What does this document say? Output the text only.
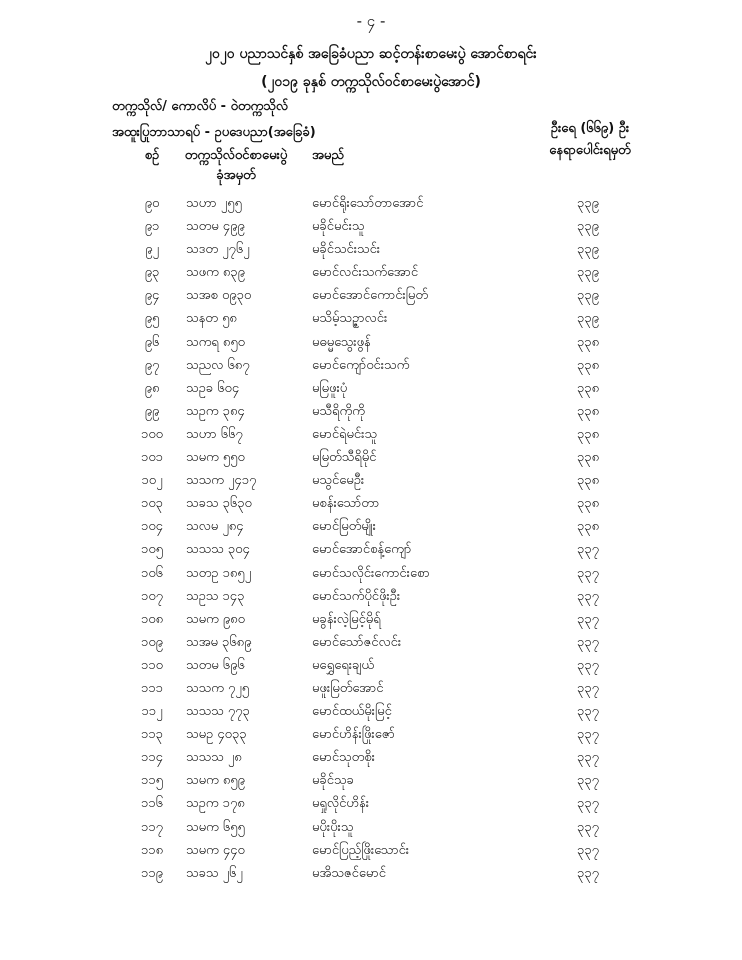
- ၄ -
၂၀၂၀ ပညာသင်နှစ် အခြေခံပညာ ဆင့်တန်းစာမေးပွဲ အောင်စာရင်း
(၂၀၁၉ ခုနှစ် တက္ကသိုလ်ဝင်စာမေးပွဲအောင်)
တက္ကသိုလ်/ ကောလိပ် - ဝဲတက္ကသိုလ်
အထူးပြုဘာသာရပ် - ဥပဒေပညာ(အခြေခံ)	ဦးရေ (၆၆၉) ဦး
နေရာပေါင်းရမှတ်
စဉ်	တက္ကသိုလ်ဝင်စာမေးပွဲ
ခုံအမှတ်
အမည်
၉၀	သဟာ ၂၅၅	မောင်ရိုးသော်တာအောင်	၃၃၉
၉၁	သတမ ၄၉၉	မခိုင်မင်းသူ	၃၃၉
၉၂	သဒတ ၂၇၆၂	မခိုင်သင်းသင်း	၃၃၉
၉၃	သဖက ၈၃၉	မောင်လင်းသက်အောင်	၃၃၉
၉၄	သအစ ၀၉၃၀	မောင်အောင်ကောင်းမြတ်	၃၃၉
၉၅	သနတ ၅၈	မသိမ့်သဉ္ဇာလင်း	၃၃၉
၉၆	သကရ ၈၅၀	မဓမ္မသွေးဖွန်	၃၃၈
၉၇	သညလ ၆၈၇	မောင်ကျော်ဝင်းသက်	၃၃၈
၉၈	သဥခ ၆၀၄	မမြဖူးပုံ	၃၃၈
၉၉	သဥက ၃၈၄	မသီရိကိုကို	၃၃၈
၁၀၀	သဟာ ၆၆၇	မောင်ရဲမင်းသူ	၃၃၈
၁၀၁	သမက ၅၅၀	မမြတ်သီရိမိုင်	၃၃၈
၁၀၂	သသက ၂၄၁၇	မသွင်မေဦး	၃၃၈
၁၀၃	သခသ ၃၆၃၀	မစန်းသော်တာ	၃၃၈
၁၀၄	သလမ ၂၈၄	မောင်မြတ်မျိုး	၃၃၈
၁၀၅	သသသ ၃၀၄	မောင်အောင်စန့်ကျော်	၃၃၇
၁၀၆	သတဥ ၁၈၅၂	မောင်သလိုင်းကောင်းစော	၃၃၇
၁၀၇	သဥသ ၁၄၃	မောင်သက်ပိုင်ဖိုးဦး	၃၃၇
၁၀၈	သမက ၉၈၀	မခွန်းလဲ့မြင့်မိုရ်	၃၃၇
၁၀၉	သအမ ၃၆၈၉	မောင်သော်ဇင်လင်း	၃၃၇
၁၁၀	သတမ ၆၉၆	မရွှေရေးချယ်	၃၃၇
၁၁၁	သသက ၇၂၅	မဖူးမြတ်အောင်	၃၃၇
၁၁၂	သသသ ၇၇၃	မောင်ထယ်မိုးမြင့်	၃၃၇
၁၁၃	သမဥ ၄၀၃၃	မောင်ဟိန်းဖြိုးဇော်	၃၃၇
၁၁၄	သသသ ၂၈	မောင်သုတစိုး	၃၃၇
၁၁၅	သမက ၈၅၉	မခိုင်သုခ	၃၃၇
၁၁၆	သဥက ၁၇၈	မရှုလိုင်ဟိန်း	၃၃၇
၁၁၇	သမက ၆၅၅	မပိုးပိုးသူ	၃၃၇
၁၁၈	သမက ၄၄၀	မောင်ပြည့်ဖြိုးသောင်း	၃၃၇
၁၁၉	သခသ ၂၆၂	မအိသဇင်မောင်	၃၃၇
